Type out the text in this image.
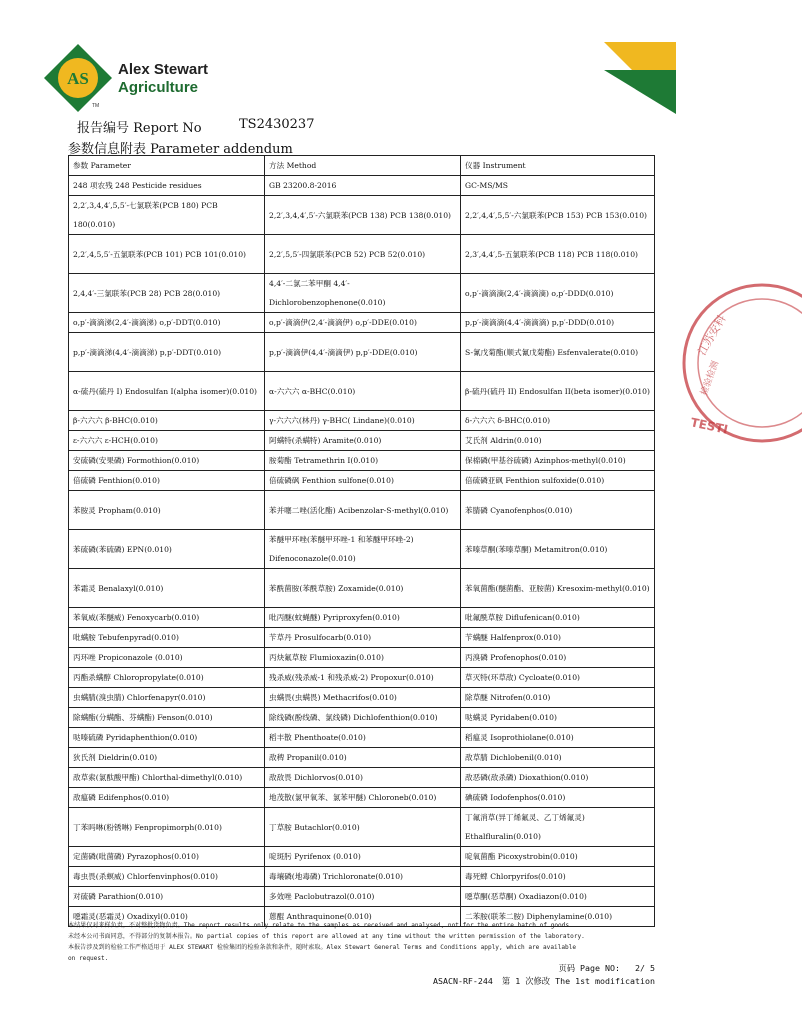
AS Alex Stewart
Agriculture
TM
报告编号 Report No	TS2430237
参数信息附表 Parameter addendum
参数 Parameter	方法 Method	仪器 Instrument
248 项农残 248 Pesticide residues	GB 23200.8-2016	GC-MS/MS
2,2′,3,4,4′,5,5′-七氯联苯(PCB 180) PCB 180(0.010)	2,2′,3,4,4′,5′-六氯联苯(PCB 138) PCB 138(0.010)	2,2′,4,4′,5,5′-六氯联苯(PCB 153) PCB 153(0.010)
2,2′,4,5,5′-五氯联苯(PCB 101) PCB 101(0.010)	2,2′,5,5′-四氯联苯(PCB 52) PCB 52(0.010)	2,3′,4,4′,5-五氯联苯(PCB 118) PCB 118(0.010)
2,4,4′-三氯联苯(PCB 28) PCB 28(0.010)	4,4′-二氯二苯甲酮 4,4′-Dichlorobenzophenone(0.010)	o,p′-滴滴滴(2,4′-滴滴滴) o,p′-DDD(0.010)
o,p′-滴滴涕(2,4′-滴滴涕) o,p′-DDT(0.010)	o,p′-滴滴伊(2,4′-滴滴伊) o,p′-DDE(0.010)	p,p′-滴滴滴(4,4′-滴滴滴) p,p′-DDD(0.010)
p,p′-滴滴涕(4,4′-滴滴涕) p,p′-DDT(0.010)	p,p′-滴滴伊(4,4′-滴滴伊) p,p′-DDE(0.010)	S-氰戊菊酯(顺式氰戊菊酯) Esfenvalerate(0.010)
α-硫丹(硫丹 I) Endosulfan I(alpha isomer)(0.010)	α-六六六 α-BHC(0.010)	β-硫丹(硫丹 II) Endosulfan II(beta isomer)(0.010)
β-六六六 β-BHC(0.010)	γ-六六六(林丹) γ-BHC( Lindane)(0.010)	δ-六六六 δ-BHC(0.010)
ε-六六六 ε-HCH(0.010)	阿螨特(杀螨特) Aramite(0.010)	艾氏剂 Aldrin(0.010)
安硫磷(安果磷) Formothion(0.010)	胺菊酯 Tetramethrin I(0.010)	保棉磷(甲基谷硫磷) Azinphos-methyl(0.010)
倍硫磷 Fenthion(0.010)	倍硫磷砜 Fenthion sulfone(0.010)	倍硫磷亚砜 Fenthion sulfoxide(0.010)
苯胺灵 Propham(0.010)	苯并噻二唑(活化酯) Acibenzolar-S-methyl(0.010)	苯腈磷 Cyanofenphos(0.010)
苯硫磷(苯硫磷) EPN(0.010)	苯醚甲环唑(苯醚甲环唑-1 和苯醚甲环唑-2) Difenoconazole(0.010)	苯嗪草酮(苯嗪草酮) Metamitron(0.010)
苯霜灵 Benalaxyl(0.010)	苯酰菌胺(苯酰草胺) Zoxamide(0.010)	苯氧菌酯(醚菌酯、亚胺菌) Kresoxim-methyl(0.010)
苯氧威(苯醚威) Fenoxycarb(0.010)	吡丙醚(蚊蝇醚) Pyriproxyfen(0.010)	吡氟酰草胺 Diflufenican(0.010)
吡螨胺 Tebufenpyrad(0.010)	苄草丹 Prosulfocarb(0.010)	苄螨醚 Halfenprox(0.010)
丙环唑 Propiconazole (0.010)	丙炔氟草胺 Flumioxazin(0.010)	丙溴磷 Profenophos(0.010)
丙酯杀螨醇 Chloropropylate(0.010)	残杀威(残杀威-1 和残杀威-2) Propoxur(0.010)	草灭特(环草敌) Cycloate(0.010)
虫螨腈(溴虫腈) Chlorfenapyr(0.010)	虫螨畏(虫螨畏) Methacrifos(0.010)	除草醚 Nitrofen(0.010)
除螨酯(分螨酯、芬螨酯) Fenson(0.010)	除线磷(酚线磷、氯线磷) Dichlofenthion(0.010)	哒螨灵 Pyridaben(0.010)
哒嗪硫磷 Pyridaphenthion(0.010)	稻丰散 Phenthoate(0.010)	稻瘟灵 Isoprothiolane(0.010)
狄氏剂 Dieldrin(0.010)	敌稗 Propanil(0.010)	敌草腈 Dichlobenil(0.010)
敌草索(氯酞酸甲酯) Chlorthal-dimethyl(0.010)	敌敌畏 Dichlorvos(0.010)	敌恶磷(敌杀磷) Dioxathion(0.010)
敌瘟磷 Edifenphos(0.010)	地茂散(氯甲氧苯、氯苯甲醚) Chloroneb(0.010)	碘硫磷 Iodofenphos(0.010)
丁苯吗啉(粉锈啉) Fenpropimorph(0.010)	丁草胺 Butachlor(0.010)	丁氟消草(异丁烯氟灵、乙丁烯氟灵) Ethalfluralin(0.010)
定菌磷(吡菌磷) Pyrazophos(0.010)	啶斑肟 Pyrifenox (0.010)	啶氧菌酯 Picoxystrobin(0.010)
毒虫畏(杀螟威) Chlorfenvinphos(0.010)	毒壤磷(地毒磷) Trichloronate(0.010)	毒死蜱 Chlorpyrifos(0.010)
对硫磷 Parathion(0.010)	多效唑 Paclobutrazol(0.010)	噁草酮(恶草酮) Oxadiazon(0.010)
噁霜灵(恶霜灵) Oxadixyl(0.010)	蒽醌 Anthraquinone(0.010)	二苯胺(联苯二胺) Diphenylamine(0.010)
江苏安科
检验检测
TESTI
本结果仅对来样负责，不对整批货物负责。The report results only relate to the samples as received and analysed, not for the entire batch of goods.
未经本公司书面同意，不得部分的复制本报告。No partial copies of this report are allowed at any time without the written permission of the laboratory.
本报告涉及到的检验工作严格适用于 ALEX STEWART 检验集团的检验条款和条件，随时索取。Alex Stewart General Terms and Conditions apply, which are available
on request.
页码 Page NO: 2/ 5
ASACN-RF-244 第 1 次修改 The 1st modification
